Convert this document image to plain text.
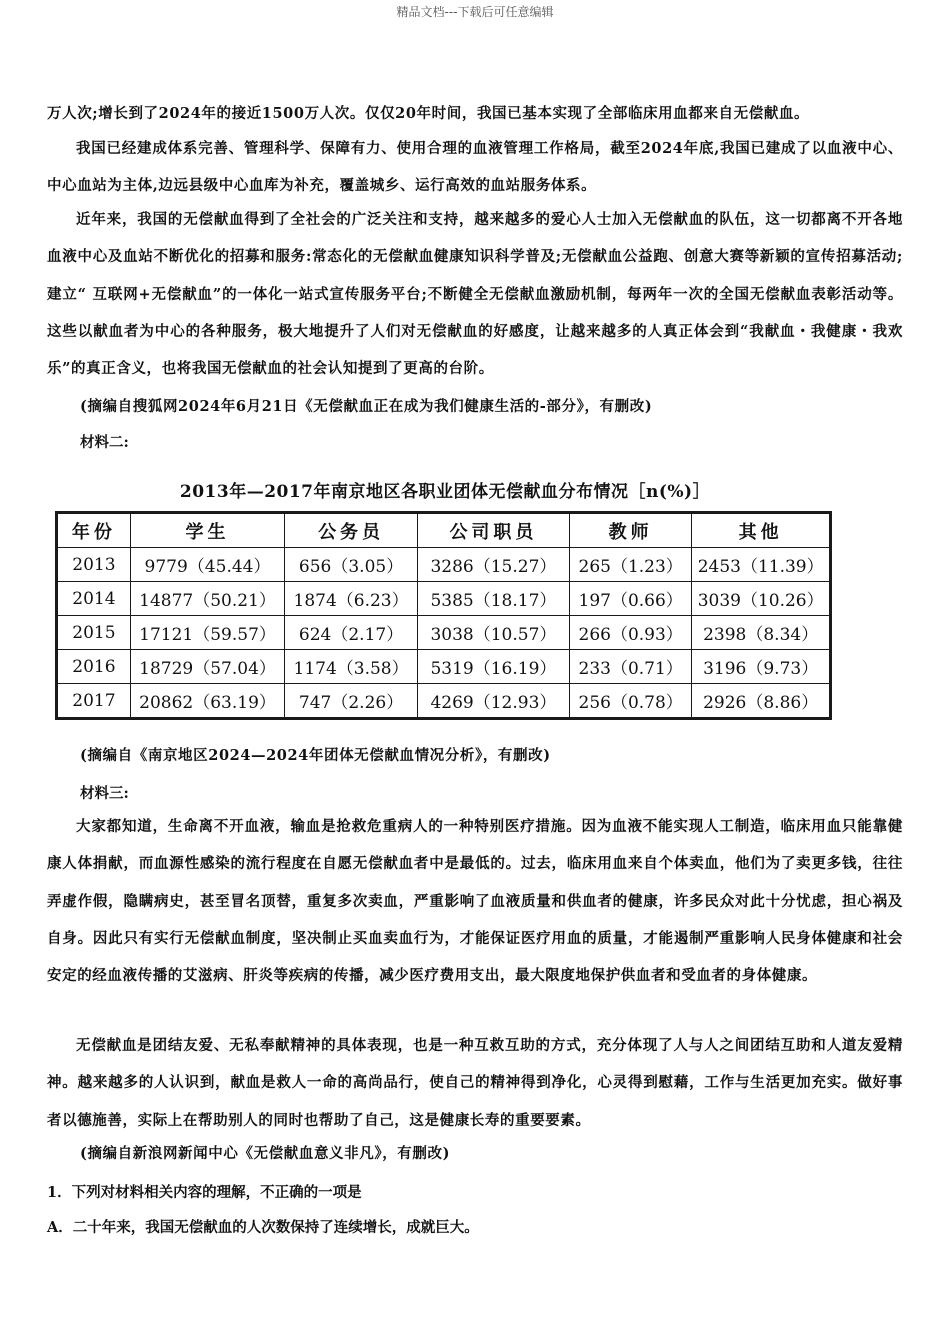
精品文档---下载后可任意编辑

万人次;增长到了2024年的接近1500万人次。仅仅20年时间，我国已基本实现了全部临床用血都来自无偿献血。

我国已经建成体系完善、管理科学、保障有力、使用合理的血液管理工作格局，截至2024年底,我国已建成了以血液中心、中心血站为主体,边远县级中心血库为补充，覆盖城乡、运行高效的血站服务体系。

近年来，我国的无偿献血得到了全社会的广泛关注和支持，越来越多的爱心人士加入无偿献血的队伍，这一切都离不开各地血液中心及血站不断优化的招募和服务:常态化的无偿献血健康知识科学普及;无偿献血公益跑、创意大赛等新颖的宣传招募活动;建立“ 互联网+无偿献血”的一体化一站式宣传服务平台;不断健全无偿献血激励机制，每两年一次的全国无偿献血表彰活动等。这些以献血者为中心的各种服务，极大地提升了人们对无偿献血的好感度，让越来越多的人真正体会到“我献血・我健康・我欢乐”的真正含义，也将我国无偿献血的社会认知提到了更高的台阶。

(摘编自搜狐网2024年6月21日《无偿献血正在成为我们健康生活的-部分》，有删改)

材料二:
2013年—2017年南京地区各职业团体无偿献血分布情况［n(%)］
年份	学生	公务员	公司职员	教师	其他
2013	9779（45.44）	656（3.05）	3286（15.27）	265（1.23）	2453（11.39）
2014	14877（50.21）	1874（6.23）	5385（18.17）	197（0.66）	3039（10.26）
2015	17121（59.57）	624（2.17）	3038（10.57）	266（0.93）	2398（8.34）
2016	18729（57.04）	1174（3.58）	5319（16.19）	233（0.71）	3196（9.73）
2017	20862（63.19）	747（2.26）	4269（12.93）	256（0.78）	2926（8.86）

(摘编自《南京地区2024—2024年团体无偿献血情况分析》，有删改)

材料三:

大家都知道，生命离不开血液，输血是抢救危重病人的一种特别医疗措施。因为血液不能实现人工制造，临床用血只能靠健康人体捐献，而血源性感染的流行程度在自愿无偿献血者中是最低的。过去，临床用血来自个体卖血，他们为了卖更多钱，往往弄虚作假，隐瞒病史，甚至冒名顶替，重复多次卖血，严重影响了血液质量和供血者的健康，许多民众对此十分忧虑，担心祸及自身。因此只有实行无偿献血制度，坚决制止买血卖血行为，才能保证医疗用血的质量，才能遏制严重影响人民身体健康和社会安定的经血液传播的艾滋病、肝炎等疾病的传播，减少医疗费用支出，最大限度地保护供血者和受血者的身体健康。

无偿献血是团结友爱、无私奉献精神的具体表现，也是一种互救互助的方式，充分体现了人与人之间团结互助和人道友爱精神。越来越多的人认识到，献血是救人一命的高尚品行，使自己的精神得到净化，心灵得到慰藉，工作与生活更加充实。做好事者以德施善，实际上在帮助别人的同时也帮助了自己，这是健康长寿的重要要素。

(摘编自新浪网新闻中心《无偿献血意义非凡》，有删改)

1．下列对材料相关内容的理解，不正确的一项是
A．二十年来，我国无偿献血的人次数保持了连续增长，成就巨大。
